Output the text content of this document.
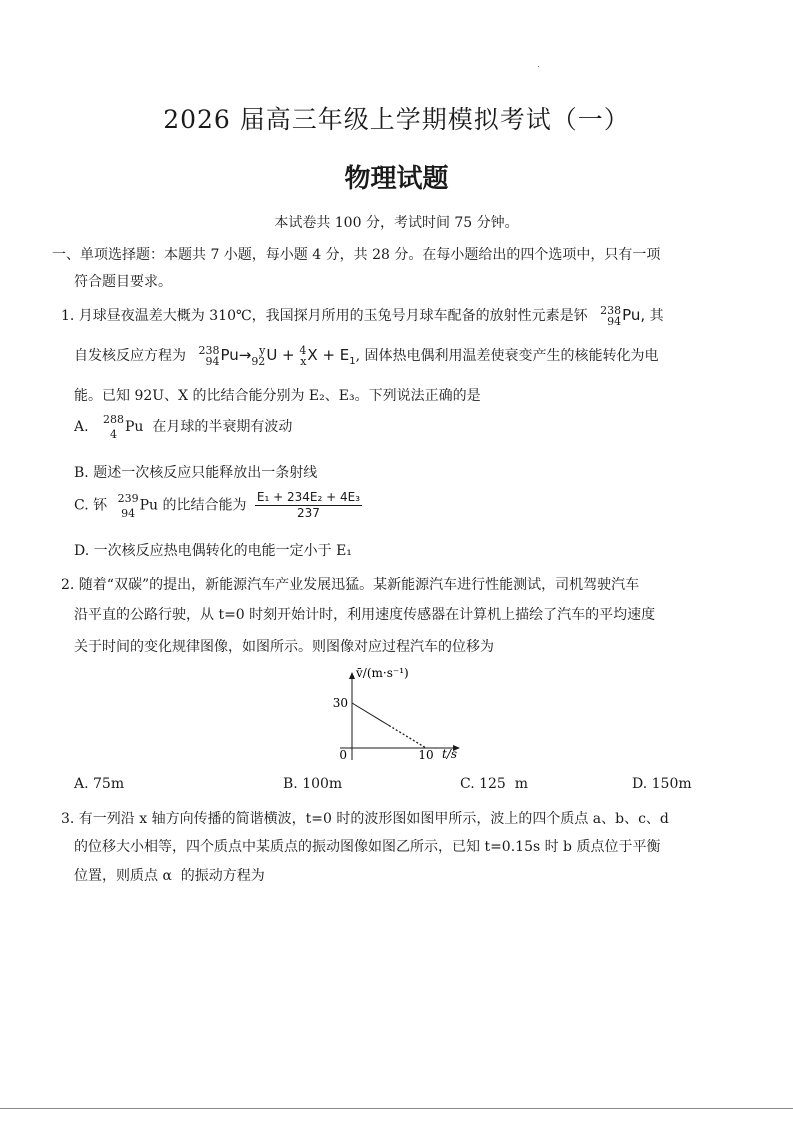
2026 届高三年级上学期模拟考试（一）
物理试题
本试卷共 100 分，考试时间 75 分钟。
一、单项选择题：本题共 7 小题，每小题 4 分，共 28 分。在每小题给出的四个选项中，只有一项
符合题目要求。
1. 月球昼夜温差大概为 310℃，我国探月所用的玉兔号月球车配备的放射性元素是钚 238
94 Pu, 其
自发核反应方程为 238
94 Pu→ y
92 U + 4
x $X + E_1$, 固体热电偶利用温差使衰变产生的核能转化为电
能。已知 92U、X 的比结合能分别为 E₂、E₃。下列说法正确的是
A. 288
4 Pu  在月球的半衰期有波动
B. 题述一次核反应只能释放出一条射线
C. 钚 239
94 Pu 的比结合能为 $\frac{\text{E₁ + 234E₂ + 4E₃}}{237}$
D. 一次核反应热电偶转化的电能一定小于 E₁
2. 随着“双碳”的提出，新能源汽车产业发展迅猛。某新能源汽车进行性能测试，司机驾驶汽车
沿平直的公路行驶，从 t=0 时刻开始计时，利用速度传感器在计算机上描绘了汽车的平均速度
关于时间的变化规律图像，如图所示。则图像对应过程汽车的位移为
v̄/(m·s⁻¹)
t/s
0
30
10
A. 75m	B. 100m	C. 125  m	D. 150m
3. 有一列沿 x 轴方向传播的简谐横波，t=0 时的波形图如图甲所示，波上的四个质点 a、b、c、d
的位移大小相等，四个质点中某质点的振动图像如图乙所示，已知 t=0.15s 时 b 质点位于平衡
位置，则质点 α  的振动方程为
